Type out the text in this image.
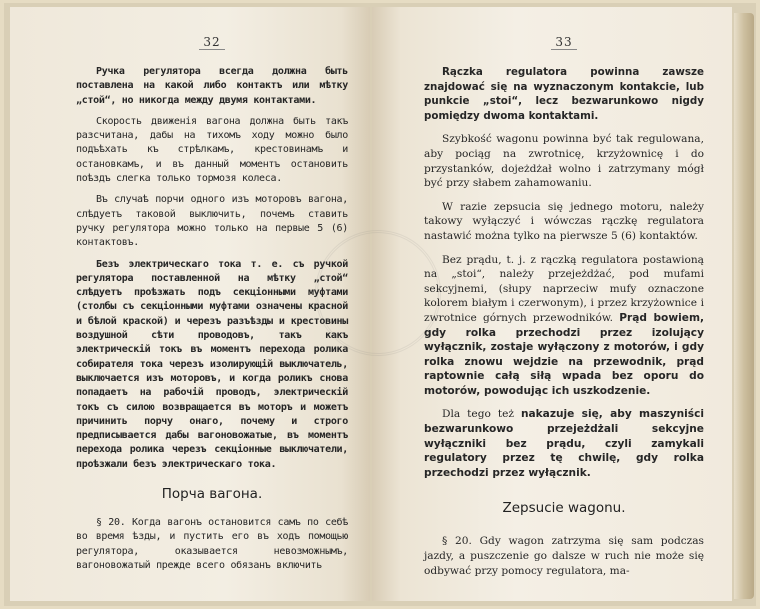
32

Ручка регулятора всегда должна быть поставлена на какой либо контактъ или мѣтку „стой“, но никогда между двумя контактами.

Скорость движенія вагона должна быть такъ разсчитана, дабы на тихомъ ходу можно было подъѣхать къ стрѣлкамъ, крестовинамъ и остановкамъ, и въ данный моментъ остановить поѣздъ слегка только тормозя колеса.

Въ случаѣ порчи одного изъ моторовъ вагона, слѣдуетъ таковой выключить, почемъ ставить ручку регулятора можно только на первые 5 (6) контактовъ.

Безъ электрическаго тока т. е. съ ручкой регулятора поставленной на мѣтку „стой“ слѣдуетъ проѣзжать подъ секціонными муфтами (столбы съ секціонными муфтами означены красной и бѣлой краской) и черезъ разъѣзды и крестовины воздушной сѣти проводовъ, такъ какъ электрическій токъ въ моментъ перехода ролика собирателя тока черезъ изолирующій выключатель, выключается изъ моторовъ, и когда роликъ снова попадаетъ на рабочій проводъ, электрическій токъ съ силою возвращается въ моторъ и можетъ причинить порчу онаго, почему и строго предписывается дабы вагоновожатые, въ моментъ перехода ролика черезъ секціонные выключатели, проѣзжали безъ электрическаго тока.

Порча вагона.

§ 20. Когда вагонъ остановится самъ по себѣ во время ѣзды, и пустить его въ ходъ помощью регулятора, оказывается невозможнымъ, вагоновожатый прежде всего обязанъ включить

33

Rączka regulatora powinna zawsze znajdować się na wyznaczonym kontakcie, lub punkcie „stoi“, lecz bezwarunkowo nigdy pomiędzy dwoma kontaktami.

Szybkość wagonu powinna być tak regulowana, aby pociąg na zwrotnicę, krzyżownicę i do przystanków, dojeżdżał wolno i zatrzymany mógł być przy słabem zahamowaniu.

W razie zepsucia się jednego motoru, należy takowy wyłączyć i wówczas rączkę regulatora nastawić można tylko na pierwsze 5 (6) kontaktów.

Bez prądu, t. j. z rączką regulatora postawioną na „stoi“, należy przejeżdżać, pod mufami sekcyjnemi, (słupy naprzeciw mufy oznaczone kolorem białym i czerwonym), i przez krzyżownice i zwrotnice górnych przewodników. Prąd bowiem, gdy rolka przechodzi przez izolujący wyłącznik, zostaje wyłączony z motorów, i gdy rolka znowu wejdzie na przewodnik, prąd raptownie całą siłą wpada bez oporu do motorów, powodując ich uszkodzenie.

Dla tego też nakazuje się, aby maszyniści bezwarunkowo przejeżdżali sekcyjne wyłączniki bez prądu, czyli zamykali regulatory przez tę chwilę, gdy rolka przechodzi przez wyłącznik.

Zepsucie wagonu.

§ 20. Gdy wagon zatrzyma się sam podczas jazdy, a puszczenie go dalsze w ruch nie może się odbywać przy pomocy regulatora, ma-
